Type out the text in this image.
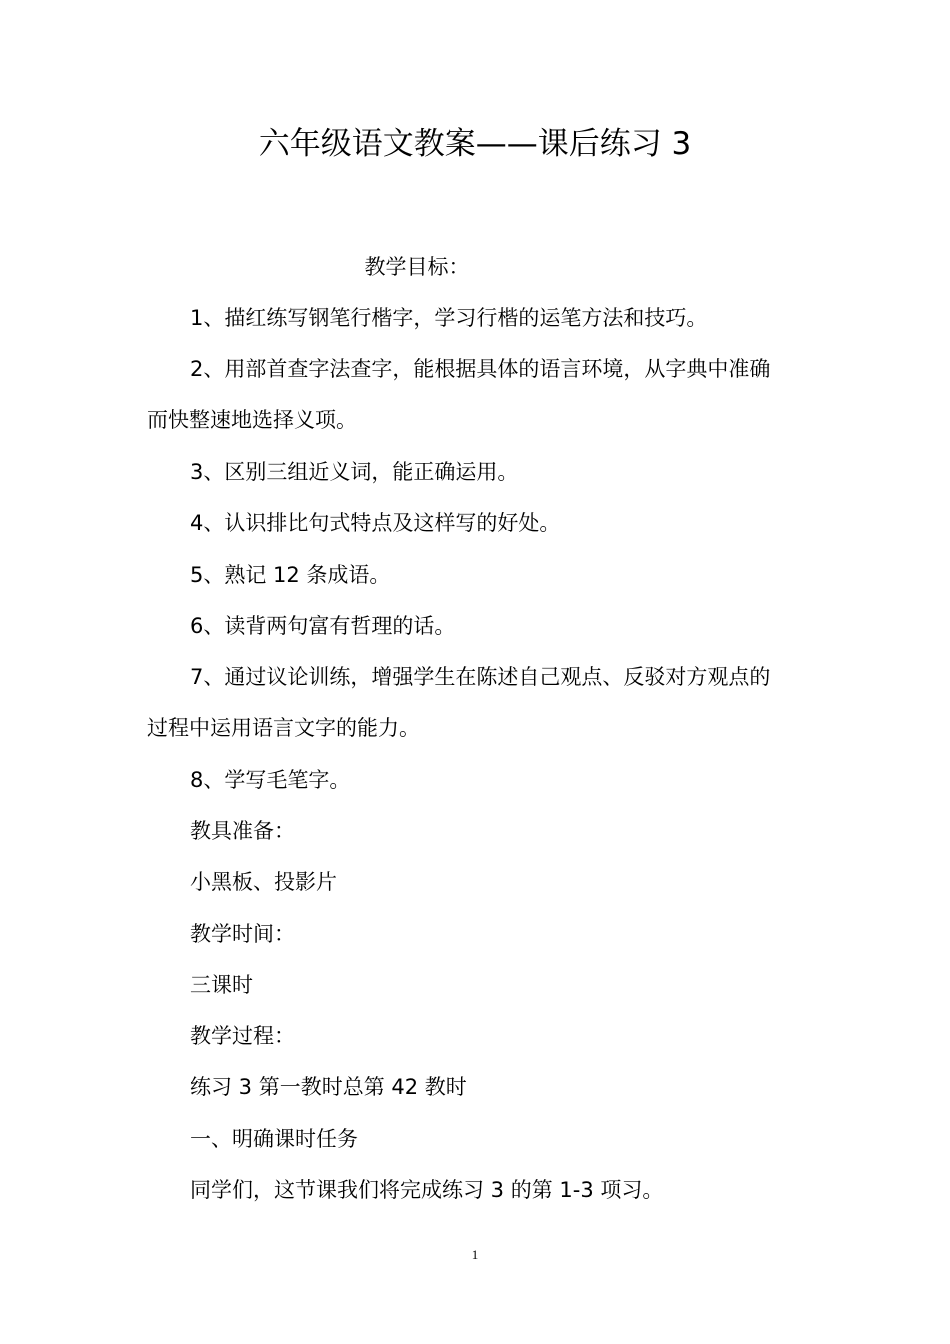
六年级语文教案——课后练习 3
教学目标：
1、描红练写钢笔行楷字，学习行楷的运笔方法和技巧。
2、用部首查字法查字，能根据具体的语言环境，从字典中准确
而快整速地选择义项。
3、区别三组近义词，能正确运用。
4、认识排比句式特点及这样写的好处。
5、熟记 12 条成语。
6、读背两句富有哲理的话。
7、通过议论训练，增强学生在陈述自己观点、反驳对方观点的
过程中运用语言文字的能力。
8、学写毛笔字。
教具准备：
小黑板、投影片
教学时间：
三课时
教学过程：
练习 3 第一教时总第 42 教时
一、明确课时任务
同学们，这节课我们将完成练习 3 的第 1-3 项习。
1
